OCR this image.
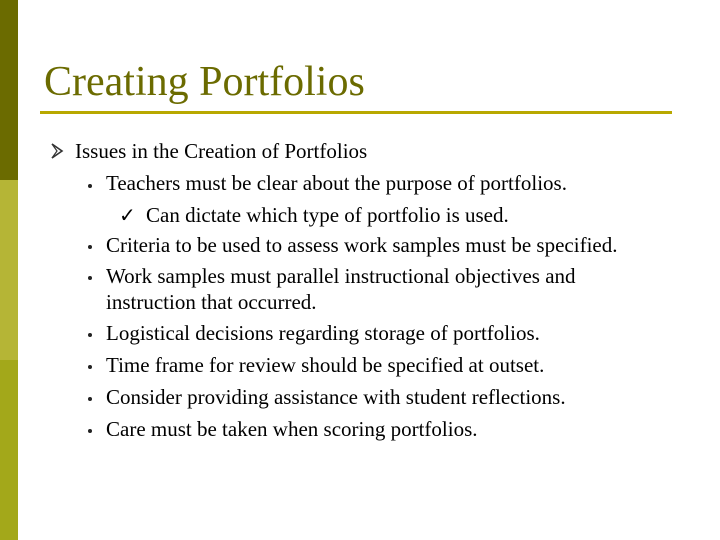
Creating Portfolios
Issues in the Creation of Portfolios
Teachers must be clear about the purpose of portfolios.
✓ Can dictate which type of portfolio is used.
Criteria to be used to assess work samples must be specified.
Work samples must parallel instructional objectives and
instruction that occurred.
Logistical decisions regarding storage of portfolios.
Time frame for review should be specified at outset.
Consider providing assistance with student reflections.
Care must be taken when scoring portfolios.
